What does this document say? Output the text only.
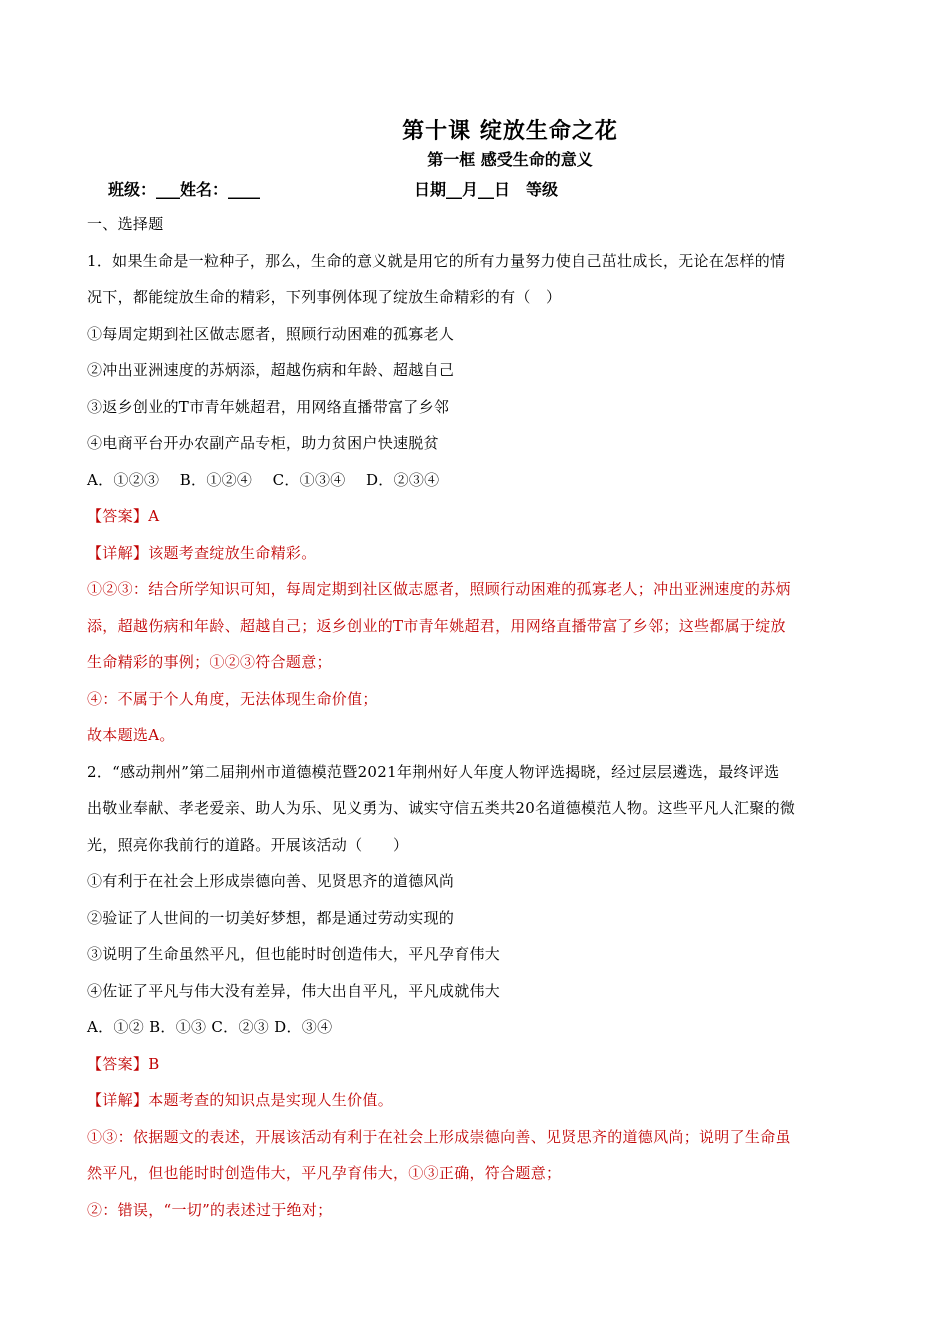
第十课 绽放生命之花
第一框 感受生命的意义
班级：___姓名：____	日期__月__日　等级
一、选择题
1．如果生命是一粒种子，那么，生命的意义就是用它的所有力量努力使自己茁壮成长，无论在怎样的情
况下，都能绽放生命的精彩，下列事例体现了绽放生命精彩的有（　）
①每周定期到社区做志愿者，照顾行动困难的孤寡老人
②冲出亚洲速度的苏炳添，超越伤病和年龄、超越自己
③返乡创业的T市青年姚超君，用网络直播带富了乡邻
④电商平台开办农副产品专柜，助力贫困户快速脱贫
A．①②③　 B．①②④　 C．①③④　 D．②③④
【答案】A
【详解】该题考查绽放生命精彩。
①②③：结合所学知识可知，每周定期到社区做志愿者，照顾行动困难的孤寡老人；冲出亚洲速度的苏炳
添，超越伤病和年龄、超越自己；返乡创业的T市青年姚超君，用网络直播带富了乡邻；这些都属于绽放
生命精彩的事例；①②③符合题意；
④：不属于个人角度，无法体现生命价值；
故本题选A。
2．“感动荆州”第二届荆州市道德模范暨2021年荆州好人年度人物评选揭晓，经过层层遴选，最终评选
出敬业奉献、孝老爱亲、助人为乐、见义勇为、诚实守信五类共20名道德模范人物。这些平凡人汇聚的微
光，照亮你我前行的道路。开展该活动（　　）
①有利于在社会上形成崇德向善、见贤思齐的道德风尚
②验证了人世间的一切美好梦想，都是通过劳动实现的
③说明了生命虽然平凡，但也能时时创造伟大，平凡孕育伟大
④佐证了平凡与伟大没有差异，伟大出自平凡，平凡成就伟大
A．①② B．①③ C．②③ D．③④
【答案】B
【详解】本题考查的知识点是实现人生价值。
①③：依据题文的表述，开展该活动有利于在社会上形成崇德向善、见贤思齐的道德风尚；说明了生命虽
然平凡，但也能时时创造伟大，平凡孕育伟大，①③正确，符合题意；
②：错误，“一切”的表述过于绝对；
